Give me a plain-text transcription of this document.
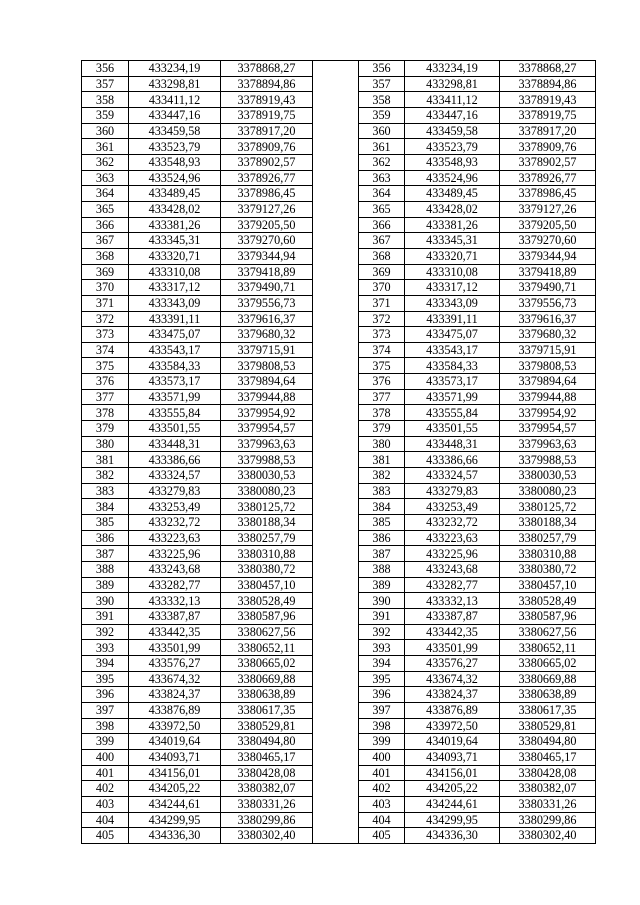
356	433234,19	3378868,27		356	433234,19	3378868,27
357	433298,81	3378894,86		357	433298,81	3378894,86
358	433411,12	3378919,43		358	433411,12	3378919,43
359	433447,16	3378919,75		359	433447,16	3378919,75
360	433459,58	3378917,20		360	433459,58	3378917,20
361	433523,79	3378909,76		361	433523,79	3378909,76
362	433548,93	3378902,57		362	433548,93	3378902,57
363	433524,96	3378926,77		363	433524,96	3378926,77
364	433489,45	3378986,45		364	433489,45	3378986,45
365	433428,02	3379127,26		365	433428,02	3379127,26
366	433381,26	3379205,50		366	433381,26	3379205,50
367	433345,31	3379270,60		367	433345,31	3379270,60
368	433320,71	3379344,94		368	433320,71	3379344,94
369	433310,08	3379418,89		369	433310,08	3379418,89
370	433317,12	3379490,71		370	433317,12	3379490,71
371	433343,09	3379556,73		371	433343,09	3379556,73
372	433391,11	3379616,37		372	433391,11	3379616,37
373	433475,07	3379680,32		373	433475,07	3379680,32
374	433543,17	3379715,91		374	433543,17	3379715,91
375	433584,33	3379808,53		375	433584,33	3379808,53
376	433573,17	3379894,64		376	433573,17	3379894,64
377	433571,99	3379944,88		377	433571,99	3379944,88
378	433555,84	3379954,92		378	433555,84	3379954,92
379	433501,55	3379954,57		379	433501,55	3379954,57
380	433448,31	3379963,63		380	433448,31	3379963,63
381	433386,66	3379988,53		381	433386,66	3379988,53
382	433324,57	3380030,53		382	433324,57	3380030,53
383	433279,83	3380080,23		383	433279,83	3380080,23
384	433253,49	3380125,72		384	433253,49	3380125,72
385	433232,72	3380188,34		385	433232,72	3380188,34
386	433223,63	3380257,79		386	433223,63	3380257,79
387	433225,96	3380310,88		387	433225,96	3380310,88
388	433243,68	3380380,72		388	433243,68	3380380,72
389	433282,77	3380457,10		389	433282,77	3380457,10
390	433332,13	3380528,49		390	433332,13	3380528,49
391	433387,87	3380587,96		391	433387,87	3380587,96
392	433442,35	3380627,56		392	433442,35	3380627,56
393	433501,99	3380652,11		393	433501,99	3380652,11
394	433576,27	3380665,02		394	433576,27	3380665,02
395	433674,32	3380669,88		395	433674,32	3380669,88
396	433824,37	3380638,89		396	433824,37	3380638,89
397	433876,89	3380617,35		397	433876,89	3380617,35
398	433972,50	3380529,81		398	433972,50	3380529,81
399	434019,64	3380494,80		399	434019,64	3380494,80
400	434093,71	3380465,17		400	434093,71	3380465,17
401	434156,01	3380428,08		401	434156,01	3380428,08
402	434205,22	3380382,07		402	434205,22	3380382,07
403	434244,61	3380331,26		403	434244,61	3380331,26
404	434299,95	3380299,86		404	434299,95	3380299,86
405	434336,30	3380302,40		405	434336,30	3380302,40
